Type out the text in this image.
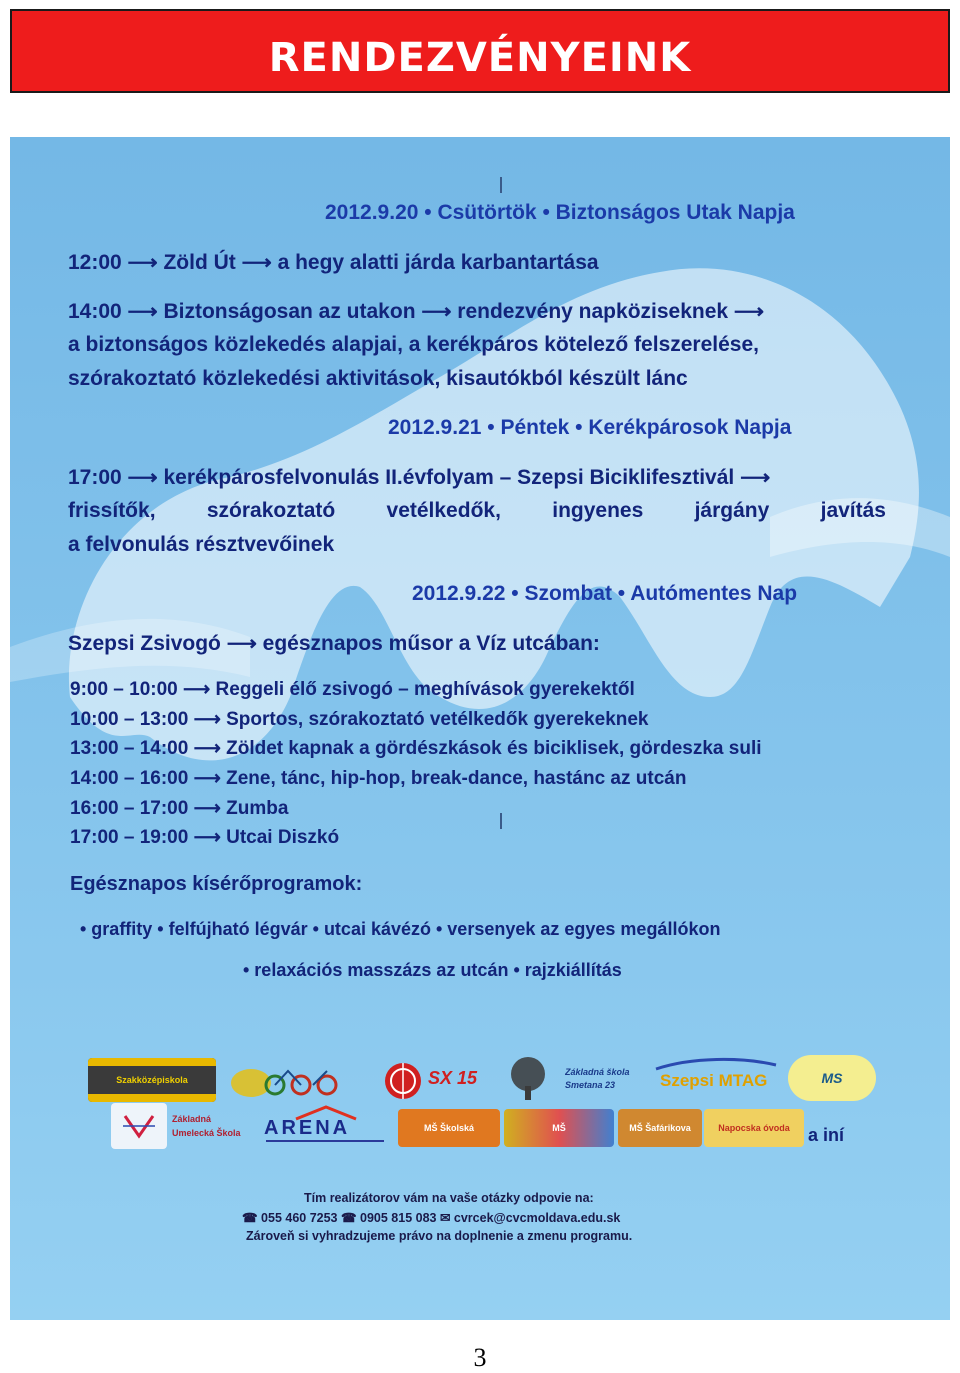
RENDEZVÉNYEINK
2012.9.20 • Csütörtök • Biztonságos Utak Napja
12:00 ⟶ Zöld Út ⟶ a hegy alatti járda karbantartása
14:00 ⟶ Biztonságosan az utakon ⟶ rendezvény napköziseknek ⟶
a biztonságos közlekedés alapjai, a kerékpáros kötelező felszerelése,
szórakoztató közlekedési aktivitások, kisautókból készült lánc
2012.9.21 • Péntek • Kerékpárosok Napja
17:00 ⟶ kerékpárosfelvonulás II.évfolyam – Szepsi Biciklifesztivál ⟶
frissítők, szórakoztató vetélkedők, ingyenes járgány javítás
a felvonulás résztvevőinek
2012.9.22 • Szombat • Autómentes Nap
Szepsi Zsivogó ⟶ egésznapos műsor a Víz utcában:
9:00 – 10:00 ⟶ Reggeli élő zsivogó – meghívások gyerekektől
10:00 – 13:00 ⟶ Sportos, szórakoztató vetélkedők gyerekeknek
13:00 – 14:00 ⟶ Zöldet kapnak a gördészkások és biciklisek, gördeszka suli
14:00 – 16:00 ⟶ Zene, tánc, hip-hop, break-dance, hastánc az utcán
16:00 – 17:00 ⟶ Zumba
17:00 – 19:00 ⟶ Utcai Diszkó
Egésznapos kísérőprogramok:
• graffity • felfújható légvár • utcai kávézó • versenyek az egyes megállókon
• relaxációs masszázs az utcán • rajzkiállítás
Szakközépiskola	SX 15	Základná škola Smetana 23	Szepsi MTAG	MS
Základná Umelecká Škola ARENA	MŠ Školská	MŠ	MŠ Šafárikova	Napocska óvoda a iní
Tím realizátorov vám na vaše otázky odpovie na:
☎ 055 460 7253 ☎ 0905 815 083 ✉ cvrcek@cvcmoldava.edu.sk
Zároveň si vyhradzujeme právo na doplnenie a zmenu programu.
3
